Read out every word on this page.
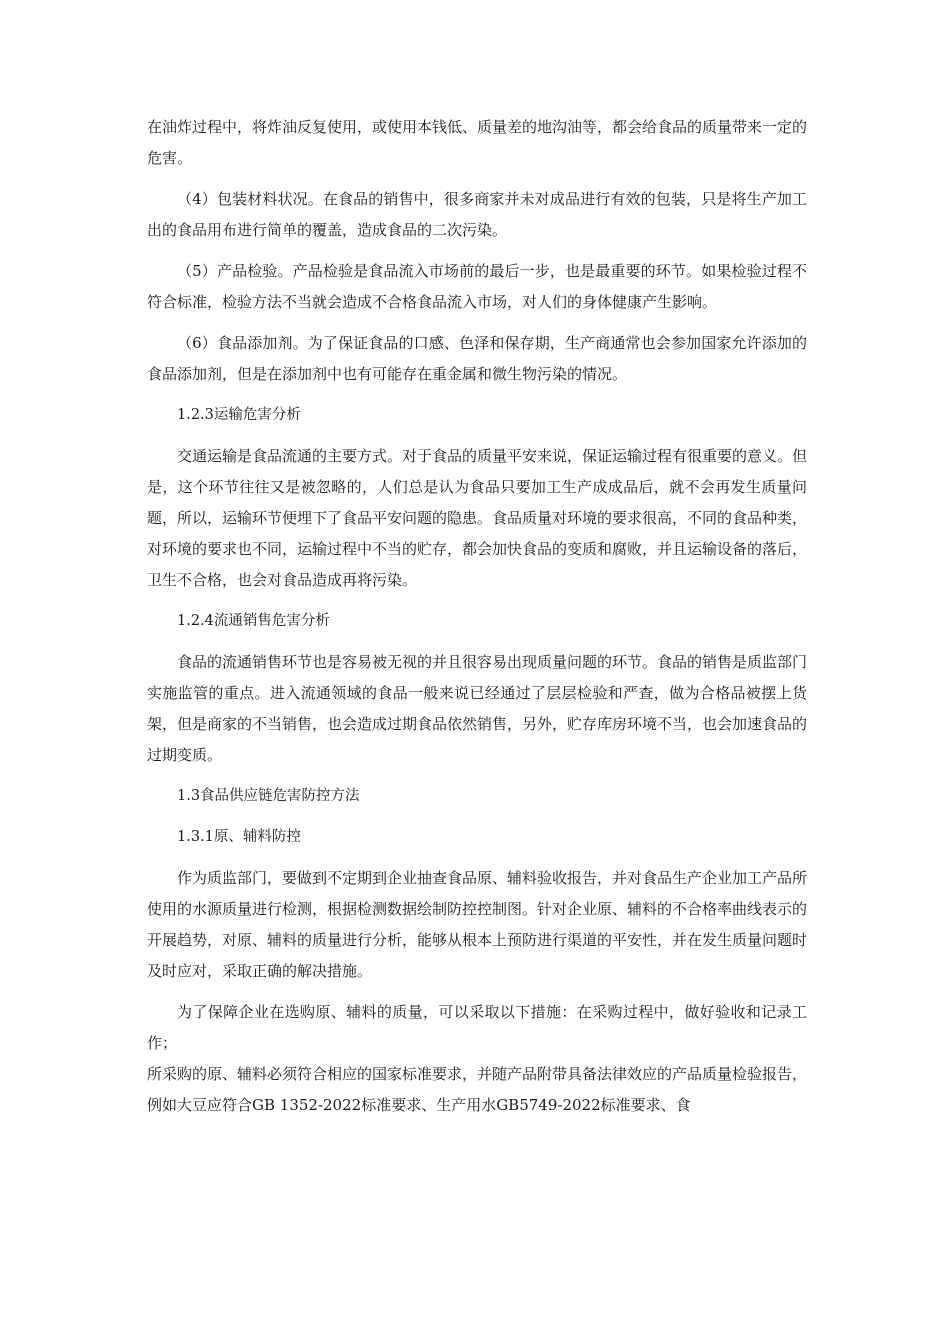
在油炸过程中，将炸油反复使用，或使用本钱低、质量差的地沟油等，都会给食品的质量带来一定的危害。

（4）包装材料状况。在食品的销售中，很多商家并未对成品进行有效的包装，只是将生产加工出的食品用布进行简单的覆盖，造成食品的二次污染。

（5）产品检验。产品检验是食品流入市场前的最后一步，也是最重要的环节。如果检验过程不符合标准，检验方法不当就会造成不合格食品流入市场，对人们的身体健康产生影响。

（6）食品添加剂。为了保证食品的口感、色泽和保存期，生产商通常也会参加国家允许添加的食品添加剂，但是在添加剂中也有可能存在重金属和微生物污染的情况。

1.2.3运输危害分析

交通运输是食品流通的主要方式。对于食品的质量平安来说，保证运输过程有很重要的意义。但是，这个环节往往又是被忽略的，人们总是认为食品只要加工生产成成品后，就不会再发生质量问题，所以，运输环节便埋下了食品平安问题的隐患。食品质量对环境的要求很高，不同的食品种类，对环境的要求也不同，运输过程中不当的贮存，都会加快食品的变质和腐败，并且运输设备的落后，卫生不合格，也会对食品造成再将污染。

1.2.4流通销售危害分析

食品的流通销售环节也是容易被无视的并且很容易出现质量问题的环节。食品的销售是质监部门实施监管的重点。进入流通领域的食品一般来说已经通过了层层检验和严查，做为合格品被摆上货架，但是商家的不当销售，也会造成过期食品依然销售，另外，贮存库房环境不当，也会加速食品的过期变质。

1.3食品供应链危害防控方法

1.3.1原、辅料防控

作为质监部门，要做到不定期到企业抽查食品原、辅料验收报告，并对食品生产企业加工产品所使用的水源质量进行检测，根据检测数据绘制防控控制图。针对企业原、辅料的不合格率曲线表示的开展趋势，对原、辅料的质量进行分析，能够从根本上预防进行渠道的平安性，并在发生质量问题时及时应对，采取正确的解决措施。

为了保障企业在选购原、辅料的质量，可以采取以下措施：在采购过程中，做好验收和记录工作；

所采购的原、辅料必须符合相应的国家标准要求，并随产品附带具备法律效应的产品质量检验报告，例如大豆应符合GB 1352-2022标准要求、生产用水GB5749-2022标准要求、食
